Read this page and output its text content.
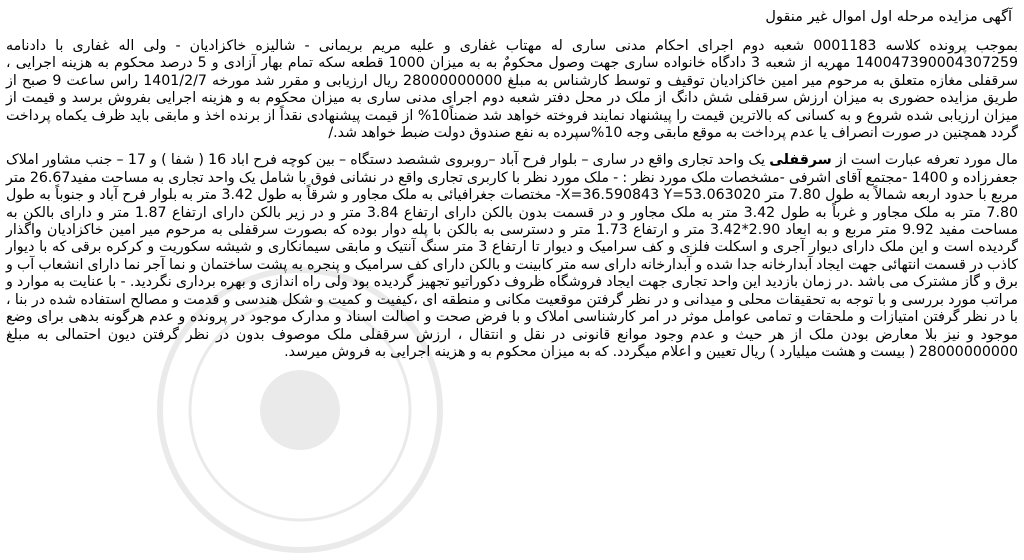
آگهی مزایده مرحله اول اموال غیر منقول

بموجب پرونده کلاسه 0001183 شعبه دوم اجرای احکام مدنی ساری له مهتاب غفاری و علیه مریم بریمانی - شالیزه خاکزادیان - ولی اله غفاری با دادنامه 140047390004307259 مهریه از شعبه 3 دادگاه خانواده ساری جهت وصول محکومٌ به به میزان 1000 قطعه سکه تمام بهار آزادی و 5 درصد محکوم به هزینه اجرایی ، سرقفلی مغازه متعلق به مرحوم میر امین خاکزادیان توقیف و توسط کارشناس به مبلغ 28000000000 ریال ارزیابی و مقرر شد مورخه 1401/2/7 راس ساعت 9 صبح از طریق مزایده حضوری به میزان ارزش سرقفلی شش دانگ از ملک در محل دفتر شعبه دوم اجرای مدنی ساری به میزان محکوم به و هزینه اجرایی بفروش برسد و قیمت از میزان ارزیابی شده شروع و به کسانی که بالاترین قیمت را پیشنهاد نمایند فروخته خواهد شد ضمناً10% از قیمت پیشنهادی نقداً از برنده اخذ و مابقی باید ظرف یکماه پرداخت گردد همچنین در صورت انصراف یا عدم پرداخت به موقع مابقی وجه 10%سپرده به نفع صندوق دولت ضبط خواهد شد./

مال مورد تعرفه عبارت است از سرقفلی یک واحد تجاری واقع در ساری – بلوار فرح آباد –روبروی ششصد دستگاه – بین کوچه فرح اباد 16 ( شفا ) و 17 – جنب مشاور املاک جعفرزاده و 1400 -مجتمع آقای اشرفی -مشخصات ملک مورد نظر : - ملک مورد نظر با کاربری تجاری واقع در نشانی فوق با شامل یک واحد تجاری به مساحت مفید26.67 متر مربع با حدود اربعه شمالاً به طول 7.80 متر X=36.590843 Y=53.063020- مختصات جغرافیائی به ملک مجاور و شرقاً به طول 3.42 متر به بلوار فرح آباد و جنوباً به طول 7.80 متر به ملک مجاور و غرباً به طول 3.42 متر به ملک مجاور و در قسمت بدون بالکن دارای ارتفاع 3.84 متر و در زیر بالکن دارای ارتفاع 1.87 متر و دارای بالکن به مساحت مفید 9.92 متر مربع و به ابعاد 2.90*3.42 متر و ارتفاع 1.73 متر و دسترسی به بالکن با پله دوار بوده که بصورت سرقفلی به مرحوم میر امین خاکزادیان واگذار گردیده است و این ملک دارای دیوار آجری و اسکلت فلزی و کف سرامیک و دیوار تا ارتفاع 3 متر سنگ آنتیک و مابقی سیمانکاری و شیشه سکوریت و کرکره برقی که با دیوار کاذب در قسمت انتهائی جهت ایجاد آبدارخانه جدا شده و آبدارخانه دارای سه متر کابینت و بالکن دارای کف سرامیک و پنجره به پشت ساختمان و نما آجر نما دارای انشعاب آب و برق و گاز مشترک می باشد .در زمان بازدید این واحد تجاری جهت ایجاد فروشگاه ظروف دکوراتیو تجهیز گردیده بود ولی راه اندازی و بهره برداری نگردید. - با عنایت به موارد و مراتب مورد بررسی و با توجه به تحقیقات محلی و میدانی و در نظر گرفتن موقعیت مکانی و منطقه ای ،کیفیت و کمیت و شکل هندسی و قدمت و مصالح استفاده شده در بنا ، با در نظر گرفتن امتیازات و ملحقات و تمامی عوامل موثر در امر کارشناسی املاک و با فرض صحت و اصالت اسناد و مدارک موجود در پرونده و عدم هرگونه بدهی برای وضع موجود و نیز بلا معارض بودن ملک از هر حیث و عدم وجود موانع قانونی در نقل و انتقال ، ارزش سرقفلی ملک موصوف بدون در نظر گرفتن دیون احتمالی به مبلغ 28000000000 ( بیست و هشت میلیارد ) ریال تعیین و اعلام میگردد. که به میزان محکوم به و هزینه اجرایی به فروش میرسد.
